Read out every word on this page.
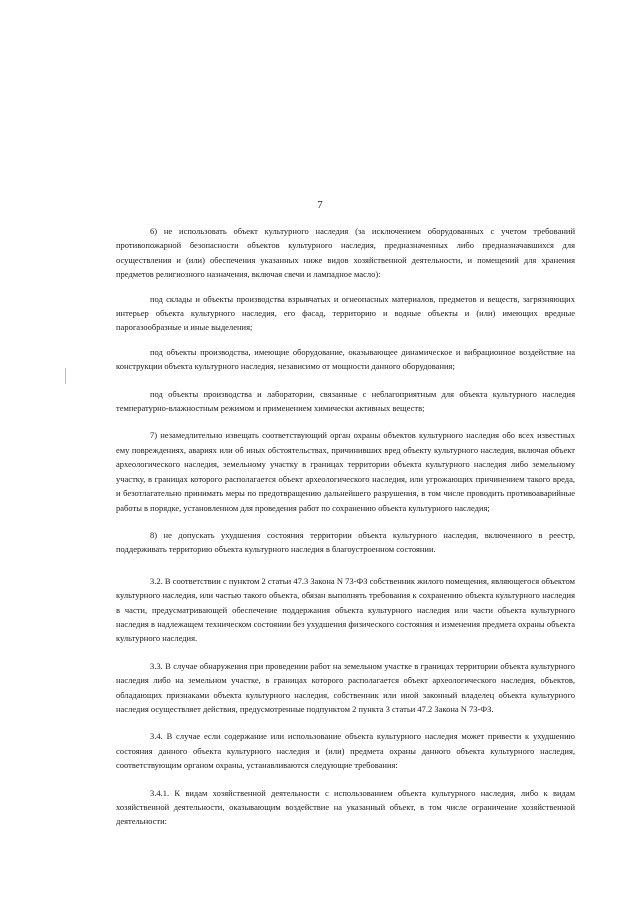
7

6) не использовать объект культурного наследия (за исключением оборудованных с учетом требований противопожарной безопасности объектов культурного наследия, предназначенных либо предназначавшихся для осуществления и (или) обеспечения указанных ниже видов хозяйственной деятельности, и помещений для хранения предметов религиозного назначения, включая свечи и лампадное масло):

под склады и объекты производства взрывчатых и огнеопасных материалов, предметов и веществ, загрязняющих интерьер объекта культурного наследия, его фасад, территорию и водные объекты и (или) имеющих вредные парогазообразные и иные выделения;

под объекты производства, имеющие оборудование, оказывающее динамическое и вибрационное воздействие на конструкции объекта культурного наследия, независимо от мощности данного оборудования;

под объекты производства и лаборатории, связанные с неблагоприятным для объекта культурного наследия температурно-влажностным режимом и применением химически активных веществ;

7) незамедлительно извещать соответствующий орган охраны объектов культурного наследия обо всех известных ему повреждениях, авариях или об иных обстоятельствах, причинивших вред объекту культурного наследия, включая объект археологического наследия, земельному участку в границах территории объекта культурного наследия либо земельному участку, в границах которого располагается объект археологического наследия, или угрожающих причинением такого вреда, и безотлагательно принимать меры по предотвращению дальнейшего разрушения, в том числе проводить противоаварийные работы в порядке, установленном для проведения работ по сохранению объекта культурного наследия;

8) не допускать ухудшения состояния территории объекта культурного наследия, включенного в реестр, поддерживать территорию объекта культурного наследия в благоустроенном состоянии.

3.2. В соответствии с пунктом 2 статьи 47.3 Закона N 73-ФЗ собственник жилого помещения, являющегося объектом культурного наследия, или частью такого объекта, обязан выполнять требования к сохранению объекта культурного наследия в части, предусматривающей обеспечение поддержания объекта культурного наследия или части объекта культурного наследия в надлежащем техническом состоянии без ухудшения физического состояния и изменения предмета охраны объекта культурного наследия.

3.3. В случае обнаружения при проведении работ на земельном участке в границах территории объекта культурного наследия либо на земельном участке, в границах которого располагается объект археологического наследия, объектов, обладающих признаками объекта культурного наследия, собственник или иной законный владелец объекта культурного наследия осуществляет действия, предусмотренные подпунктом 2 пункта 3 статьи 47.2 Закона N 73-ФЗ.

3.4. В случае если содержание или использование объекта культурного наследия может привести к ухудшению состояния данного объекта культурного наследия и (или) предмета охраны данного объекта культурного наследия, соответствующим органом охраны, устанавливаются следующие требования:

3.4.1. К видам хозяйственной деятельности с использованием объекта культурного наследия, либо к видам хозяйственной деятельности, оказывающим воздействие на указанный объект, в том числе ограничение хозяйственной деятельности:
